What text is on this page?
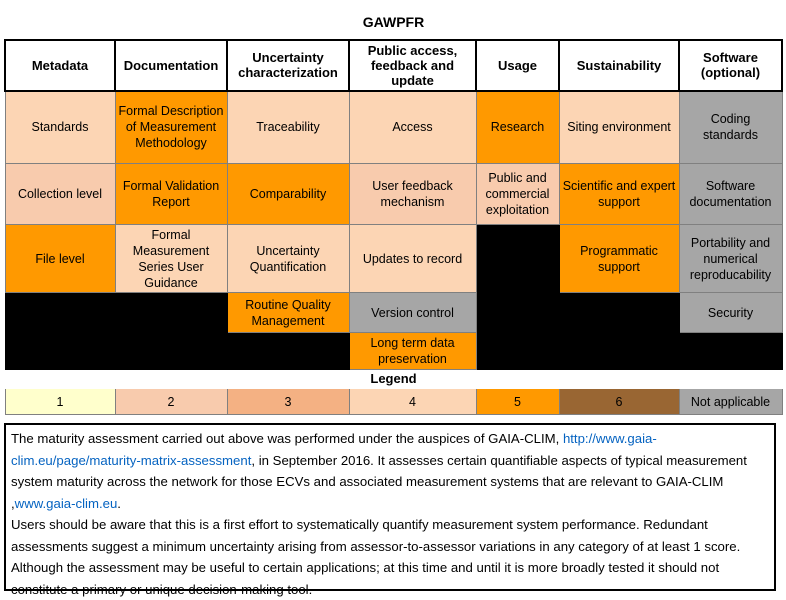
GAWPFR						
Metadata	Documentation	Uncertainty characterization	Public access, feedback and update	Usage	Sustainability	Software (optional)
Standards	Formal Description of Measurement Methodology	Traceability	Access	Research	Siting environment	Coding standards
Collection level	Formal Validation Report	Comparability	User feedback mechanism	Public and commercial exploitation	Scientific and expert support	Software documentation
File level	Formal Measurement Series User Guidance	Uncertainty Quantification	Updates to record		Programmatic support	Portability and numerical reproducability
		Routine Quality Management	Version control			Security
			Long term data preservation			
Legend						
1	2	3	4	5	6	Not applicable
The maturity assessment carried out above was performed under the auspices of GAIA-CLIM, http://www.gaia-clim.eu/page/maturity-matrix-assessment, in September 2016. It assesses certain quantifiable aspects of typical measurement system maturity across the network for those ECVs and associated measurement systems that are relevant to GAIA-CLIM ,www.gaia-clim.eu.
Users should be aware that this is a first effort to systematically quantify measurement system performance. Redundant assessments suggest a minimum uncertainty arising from assessor-to-assessor variations in any category of at least 1 score. Although the assessment may be useful to certain applications; at this time and until it is more broadly tested it should not constitute a primary or unique decision-making tool.
